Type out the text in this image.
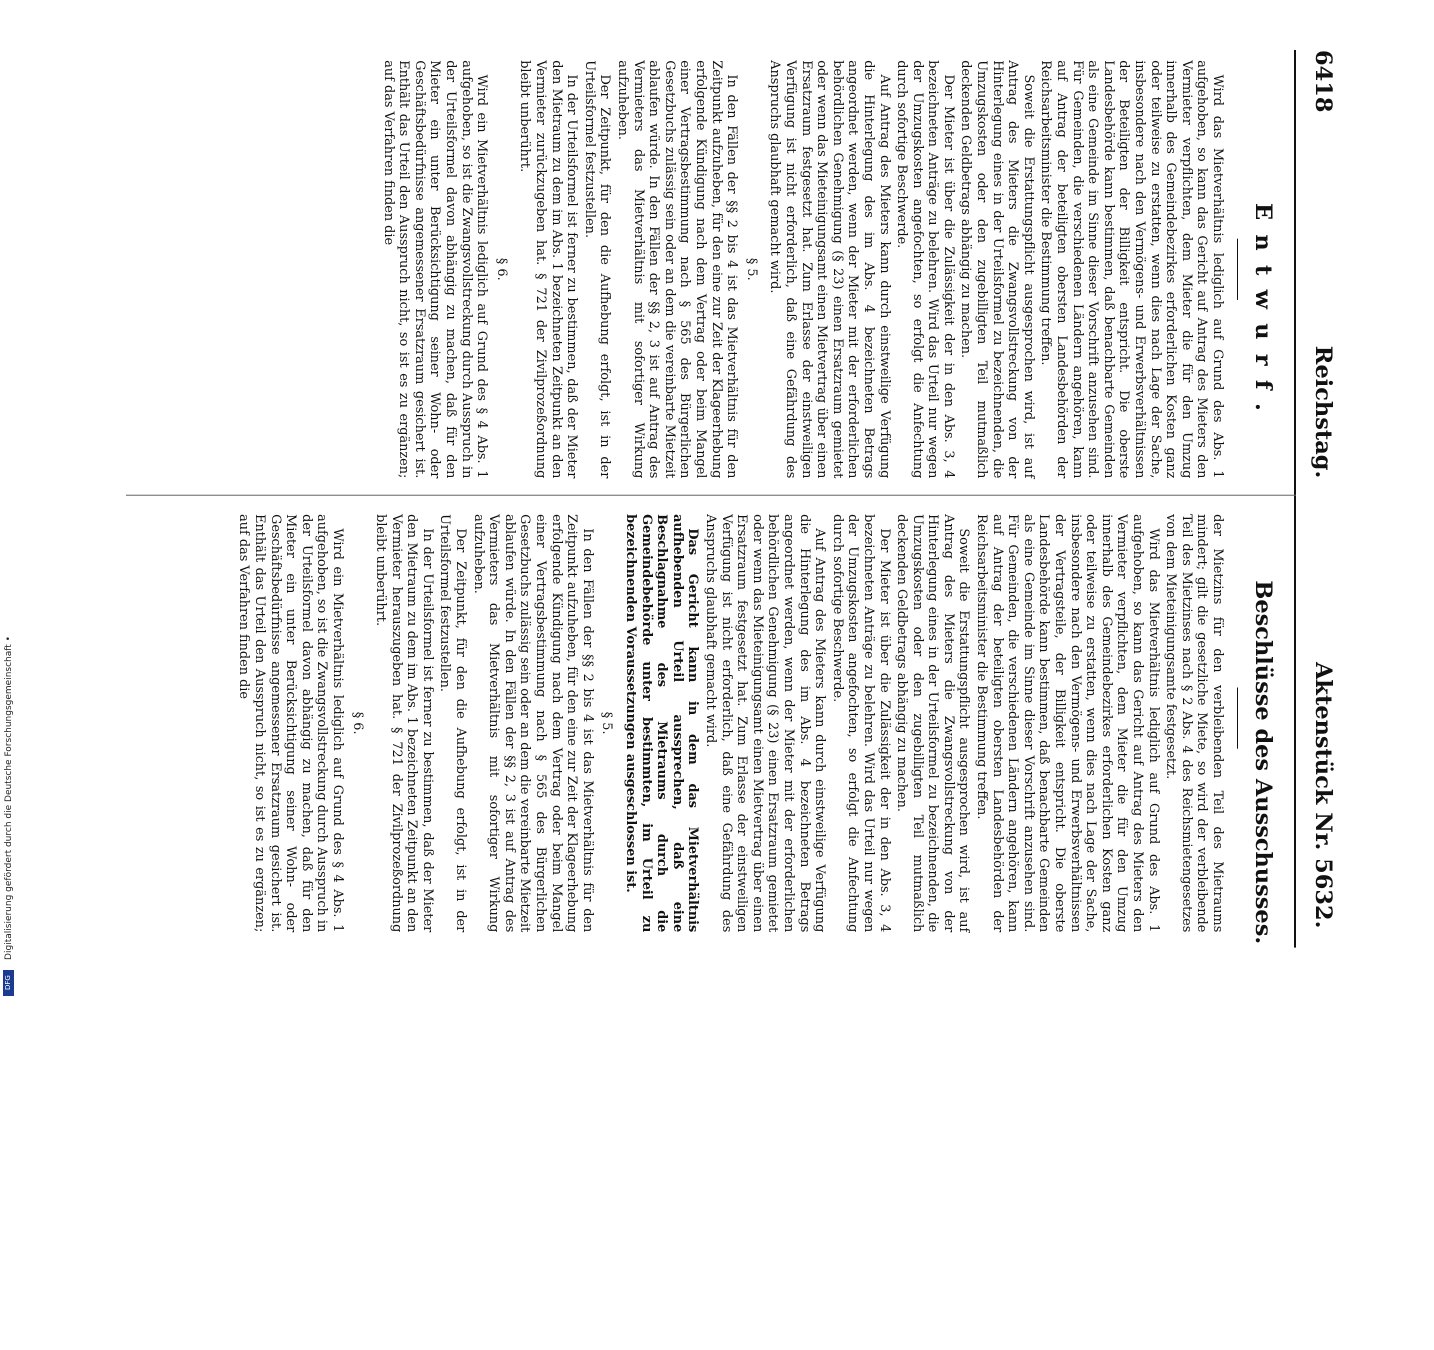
6418
Reichstag.
Aktenstück Nr. 5632.
Entwurf.
Beschlüsse des Ausschusses.

Wird das Mietverhältnis lediglich auf Grund des Abs. 1 aufgehoben, so kann das Gericht auf Antrag des Mieters den Vermieter verpflichten, dem Mieter die für den Umzug innerhalb des Gemeindebezirkes erforderlichen Kosten ganz oder teilweise zu erstatten, wenn dies nach Lage der Sache, insbesondere nach den Vermögens- und Erwerbsverhältnissen der Beteiligten der Billigkeit entspricht. Die oberste Landesbehörde kann bestimmen, daß benachbarte Gemeinden als eine Gemeinde im Sinne dieser Vorschrift anzusehen sind. Für Gemeinden, die verschiedenen Ländern angehören, kann auf Antrag der beteiligten obersten Landesbehörden der Reichsarbeitsminister die Bestimmung treffen.

Soweit die Erstattungspflicht ausgesprochen wird, ist auf Antrag des Mieters die Zwangsvollstreckung von der Hinterlegung eines in der Urteilsformel zu bezeichnenden, die Umzugskosten oder den zugebilligten Teil mutmaßlich deckenden Geldbetrags abhängig zu machen.

Der Mieter ist über die Zulässigkeit der in den Abs. 3, 4 bezeichneten Anträge zu belehren. Wird das Urteil nur wegen der Umzugskosten angefochten, so erfolgt die Anfechtung durch sofortige Beschwerde.

Auf Antrag des Mieters kann durch einstweilige Verfügung die Hinterlegung des im Abs. 4 bezeichneten Betrags angeordnet werden, wenn der Mieter mit der erforderlichen behördlichen Genehmigung (§ 23) einen Ersatzraum gemietet oder wenn das Mieteinigungsamt einen Mietvertrag über einen Ersatzraum festgesetzt hat. Zum Erlasse der einstweiligen Verfügung ist nicht erforderlich, daß eine Gefährdung des Anspruchs glaubhaft gemacht wird.

§ 5.

In den Fällen der §§ 2 bis 4 ist das Mietverhältnis für den Zeitpunkt aufzuheben, für den eine zur Zeit der Klageerhebung erfolgende Kündigung nach dem Vertrag oder beim Mangel einer Vertragsbestimmung nach § 565 des Bürgerlichen Gesetzbuchs zulässig sein oder an dem die vereinbarte Mietzeit ablaufen würde. In den Fällen der §§ 2, 3 ist auf Antrag des Vermieters das Mietverhältnis mit sofortiger Wirkung aufzuheben.

Der Zeitpunkt, für den die Aufhebung erfolgt, ist in der Urteilsformel festzustellen.

In der Urteilsformel ist ferner zu bestimmen, daß der Mieter den Mietraum zu dem im Abs. 1 bezeichneten Zeitpunkt an den Vermieter zurückzugeben hat. § 721 der Zivilprozeßordnung bleibt unberührt.

§ 6.

Wird ein Mietverhältnis lediglich auf Grund des § 4 Abs. 1 aufgehoben, so ist die Zwangsvollstreckung durch Ausspruch in der Urteilsformel davon abhängig zu machen, daß für den Mieter ein unter Berücksichtigung seiner Wohn- oder Geschäftsbedürfnisse angemessener Ersatzraum gesichert ist. Enthält das Urteil den Ausspruch nicht, so ist es zu ergänzen; auf das Verfahren finden die

der Mietzins für den verbleibenden Teil des Mietraums mindert; gilt die gesetzliche Miete, so wird der verbleibende Teil des Mietzinses nach § 2 Abs. 4 des Reichsmietengesetzes von dem Mieteinigungsamte festgesetzt.

Wird das Mietverhältnis lediglich auf Grund des Abs. 1 aufgehoben, so kann das Gericht auf Antrag des Mieters den Vermieter verpflichten, dem Mieter die für den Umzug innerhalb des Gemeindebezirkes erforderlichen Kosten ganz oder teilweise zu erstatten, wenn dies nach Lage der Sache, insbesondere nach den Vermögens- und Erwerbsverhältnissen der Vertragsteile, der Billigkeit entspricht. Die oberste Landesbehörde kann bestimmen, daß benachbarte Gemeinden als eine Gemeinde im Sinne dieser Vorschrift anzusehen sind. Für Gemeinden, die verschiedenen Ländern angehören, kann auf Antrag der beteiligten obersten Landesbehörden der Reichsarbeitsminister die Bestimmung treffen.

Soweit die Erstattungspflicht ausgesprochen wird, ist auf Antrag des Mieters die Zwangsvollstreckung von der Hinterlegung eines in der Urteilsformel zu bezeichnenden, die Umzugskosten oder den zugebilligten Teil mutmaßlich deckenden Geldbetrags abhängig zu machen.

Der Mieter ist über die Zulässigkeit der in den Abs. 3, 4 bezeichneten Anträge zu belehren. Wird das Urteil nur wegen der Umzugskosten angefochten, so erfolgt die Anfechtung durch sofortige Beschwerde.

Auf Antrag des Mieters kann durch einstweilige Verfügung die Hinterlegung des im Abs. 4 bezeichneten Betrags angeordnet werden, wenn der Mieter mit der erforderlichen behördlichen Genehmigung (§ 23) einen Ersatzraum gemietet oder wenn das Mieteinigungsamt einen Mietvertrag über einen Ersatzraum festgesetzt hat. Zum Erlasse der einstweiligen Verfügung ist nicht erforderlich, daß eine Gefährdung des Anspruchs glaubhaft gemacht wird.

Das Gericht kann in dem das Mietverhältnis aufhebenden Urteil aussprechen, daß eine Beschlagnahme des Mietraums durch die Gemeindebehörde unter bestimmten, im Urteil zu bezeichnenden Voraussetzungen ausgeschlossen ist.

§ 5.

In den Fällen der §§ 2 bis 4 ist das Mietverhältnis für den Zeitpunkt aufzuheben, für den eine zur Zeit der Klageerhebung erfolgende Kündigung nach dem Vertrag oder beim Mangel einer Vertragsbestimmung nach § 565 des Bürgerlichen Gesetzbuchs zulässig sein oder an dem die vereinbarte Mietzeit ablaufen würde. In den Fällen der §§ 2, 3 ist auf Antrag des Vermieters das Mietverhältnis mit sofortiger Wirkung aufzuheben.

Der Zeitpunkt, für den die Aufhebung erfolgt, ist in der Urteilsformel festzustellen.

In der Urteilsformel ist ferner zu bestimmen, daß der Mieter den Mietraum zu dem im Abs. 1 bezeichneten Zeitpunkt an den Vermieter herauszugeben hat. § 721 der Zivilprozeßordnung bleibt unberührt.

§ 6.

Wird ein Mietverhältnis lediglich auf Grund des § 4 Abs. 1 aufgehoben, so ist die Zwangsvollstreckung durch Ausspruch in der Urteilsformel davon abhängig zu machen, daß für den Mieter ein unter Berücksichtigung seiner Wohn- oder Geschäftsbedürfnisse angemessener Ersatzraum gesichert ist. Enthält das Urteil den Ausspruch nicht, so ist es zu ergänzen; auf das Verfahren finden die

Digitalisierung gefördert durch die Deutsche Forschungsgemeinschaft •
DFG
